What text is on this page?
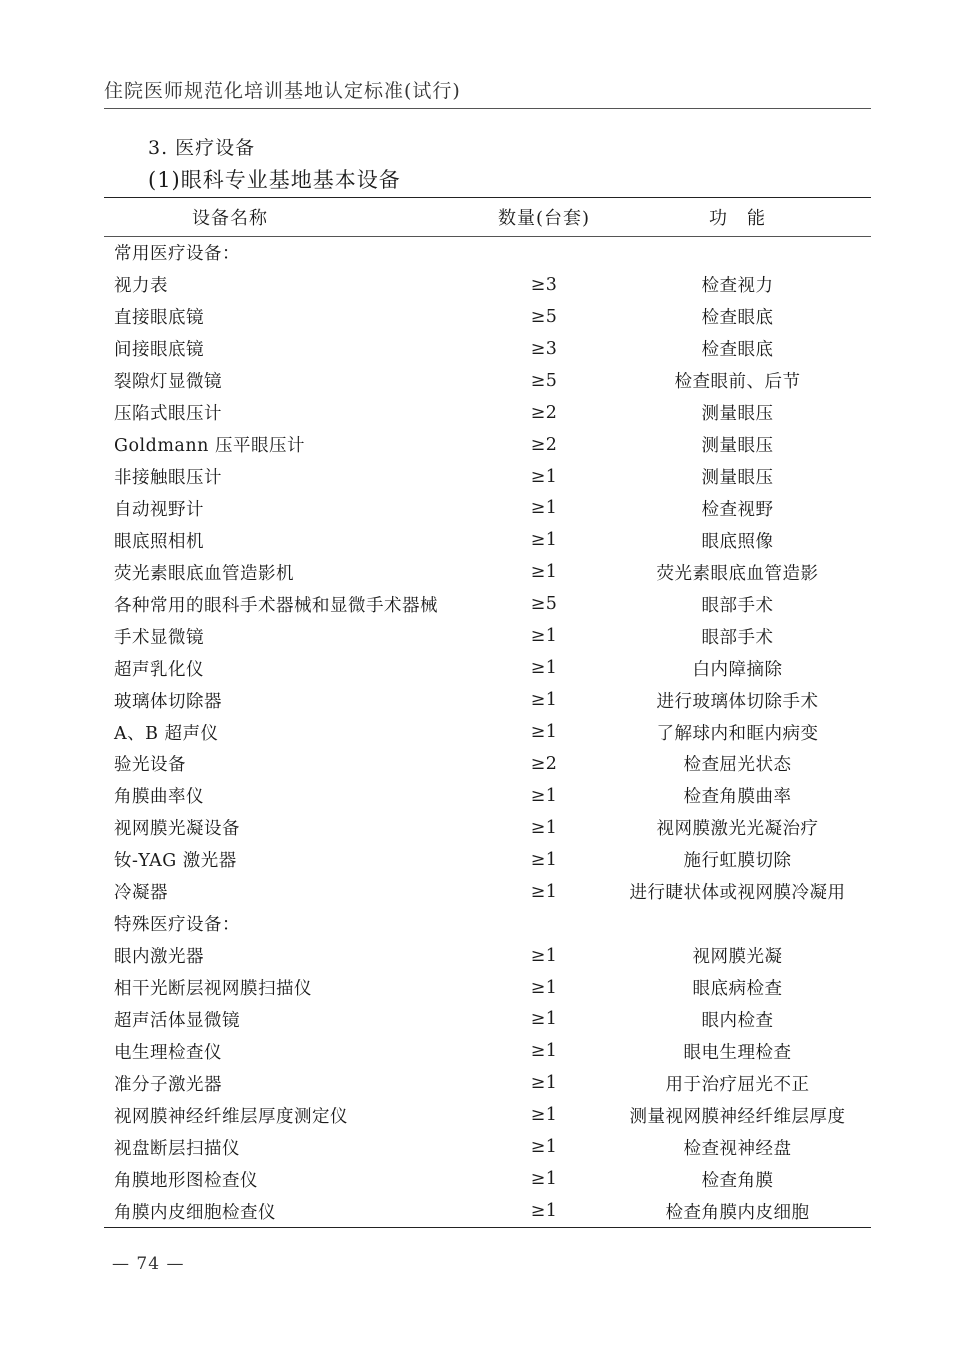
住院医师规范化培训基地认定标准(试行)
3. 医疗设备
(1)眼科专业基地基本设备
设备名称	数量(台套)	功　能
常用医疗设备：		
视力表	≥3	检查视力
直接眼底镜	≥5	检查眼底
间接眼底镜	≥3	检查眼底
裂隙灯显微镜	≥5	检查眼前、后节
压陷式眼压计	≥2	测量眼压
Goldmann 压平眼压计	≥2	测量眼压
非接触眼压计	≥1	测量眼压
自动视野计	≥1	检查视野
眼底照相机	≥1	眼底照像
荧光素眼底血管造影机	≥1	荧光素眼底血管造影
各种常用的眼科手术器械和显微手术器械	≥5	眼部手术
手术显微镜	≥1	眼部手术
超声乳化仪	≥1	白内障摘除
玻璃体切除器	≥1	进行玻璃体切除手术
A、B 超声仪	≥1	了解球内和眶内病变
验光设备	≥2	检查屈光状态
角膜曲率仪	≥1	检查角膜曲率
视网膜光凝设备	≥1	视网膜激光光凝治疗
钕-YAG 激光器	≥1	施行虹膜切除
冷凝器	≥1	进行睫状体或视网膜冷凝用
特殊医疗设备：		
眼内激光器	≥1	视网膜光凝
相干光断层视网膜扫描仪	≥1	眼底病检查
超声活体显微镜	≥1	眼内检查
电生理检查仪	≥1	眼电生理检查
准分子激光器	≥1	用于治疗屈光不正
视网膜神经纤维层厚度测定仪	≥1	测量视网膜神经纤维层厚度
视盘断层扫描仪	≥1	检查视神经盘
角膜地形图检查仪	≥1	检查角膜
角膜内皮细胞检查仪	≥1	检查角膜内皮细胞
— 74 —
